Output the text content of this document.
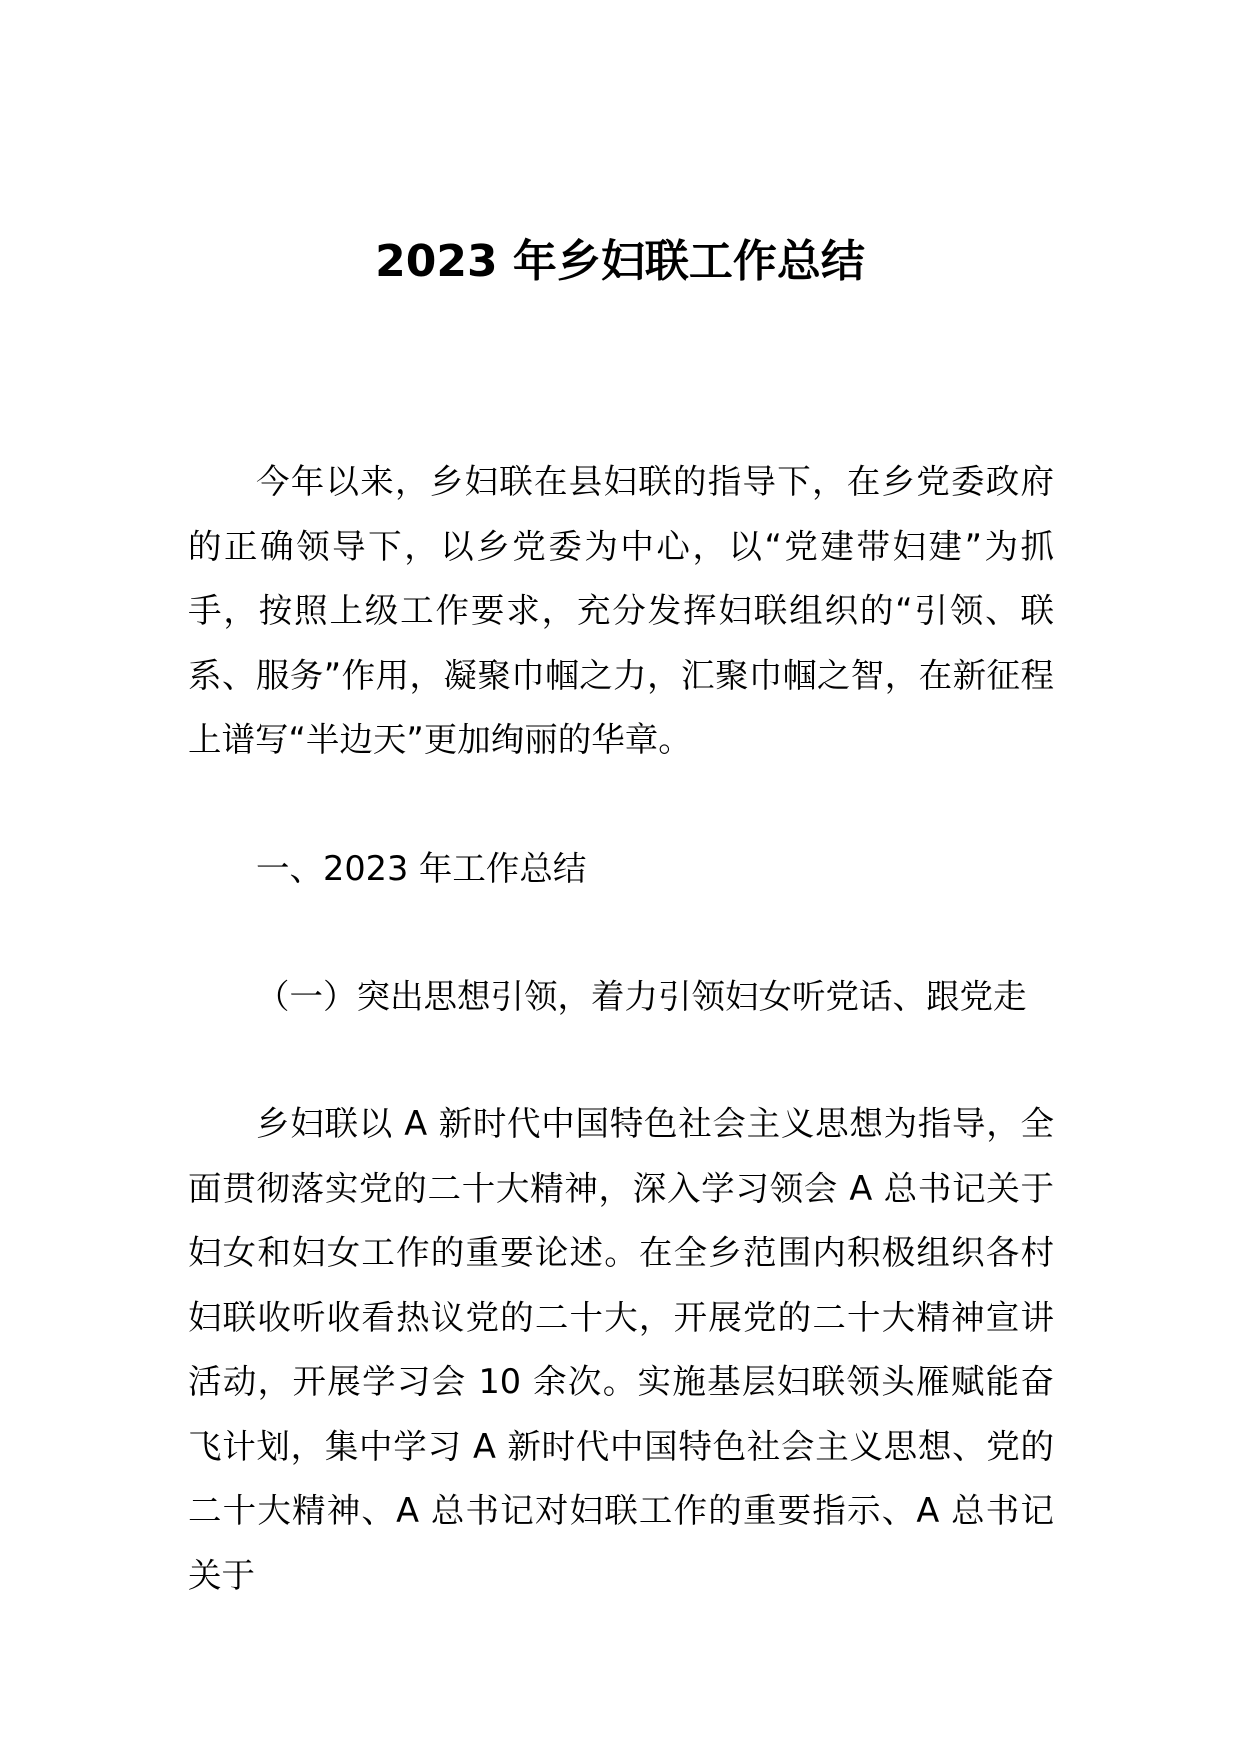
2023 年乡妇联工作总结

今年以来，乡妇联在县妇联的指导下，在乡党委政府的正确领导下，以乡党委为中心，以“党建带妇建”为抓手，按照上级工作要求，充分发挥妇联组织的“引领、联系、服务”作用，凝聚巾帼之力，汇聚巾帼之智，在新征程上谱写“半边天”更加绚丽的华章。

一、2023 年工作总结

（一）突出思想引领，着力引领妇女听党话、跟党走

乡妇联以 A 新时代中国特色社会主义思想为指导，全面贯彻落实党的二十大精神，深入学习领会 A 总书记关于妇女和妇女工作的重要论述。在全乡范围内积极组织各村妇联收听收看热议党的二十大，开展党的二十大精神宣讲活动，开展学习会 10 余次。实施基层妇联领头雁赋能奋飞计划，集中学习 A 新时代中国特色社会主义思想、党的二十大精神、A 总书记对妇联工作的重要指示、A 总书记关于
